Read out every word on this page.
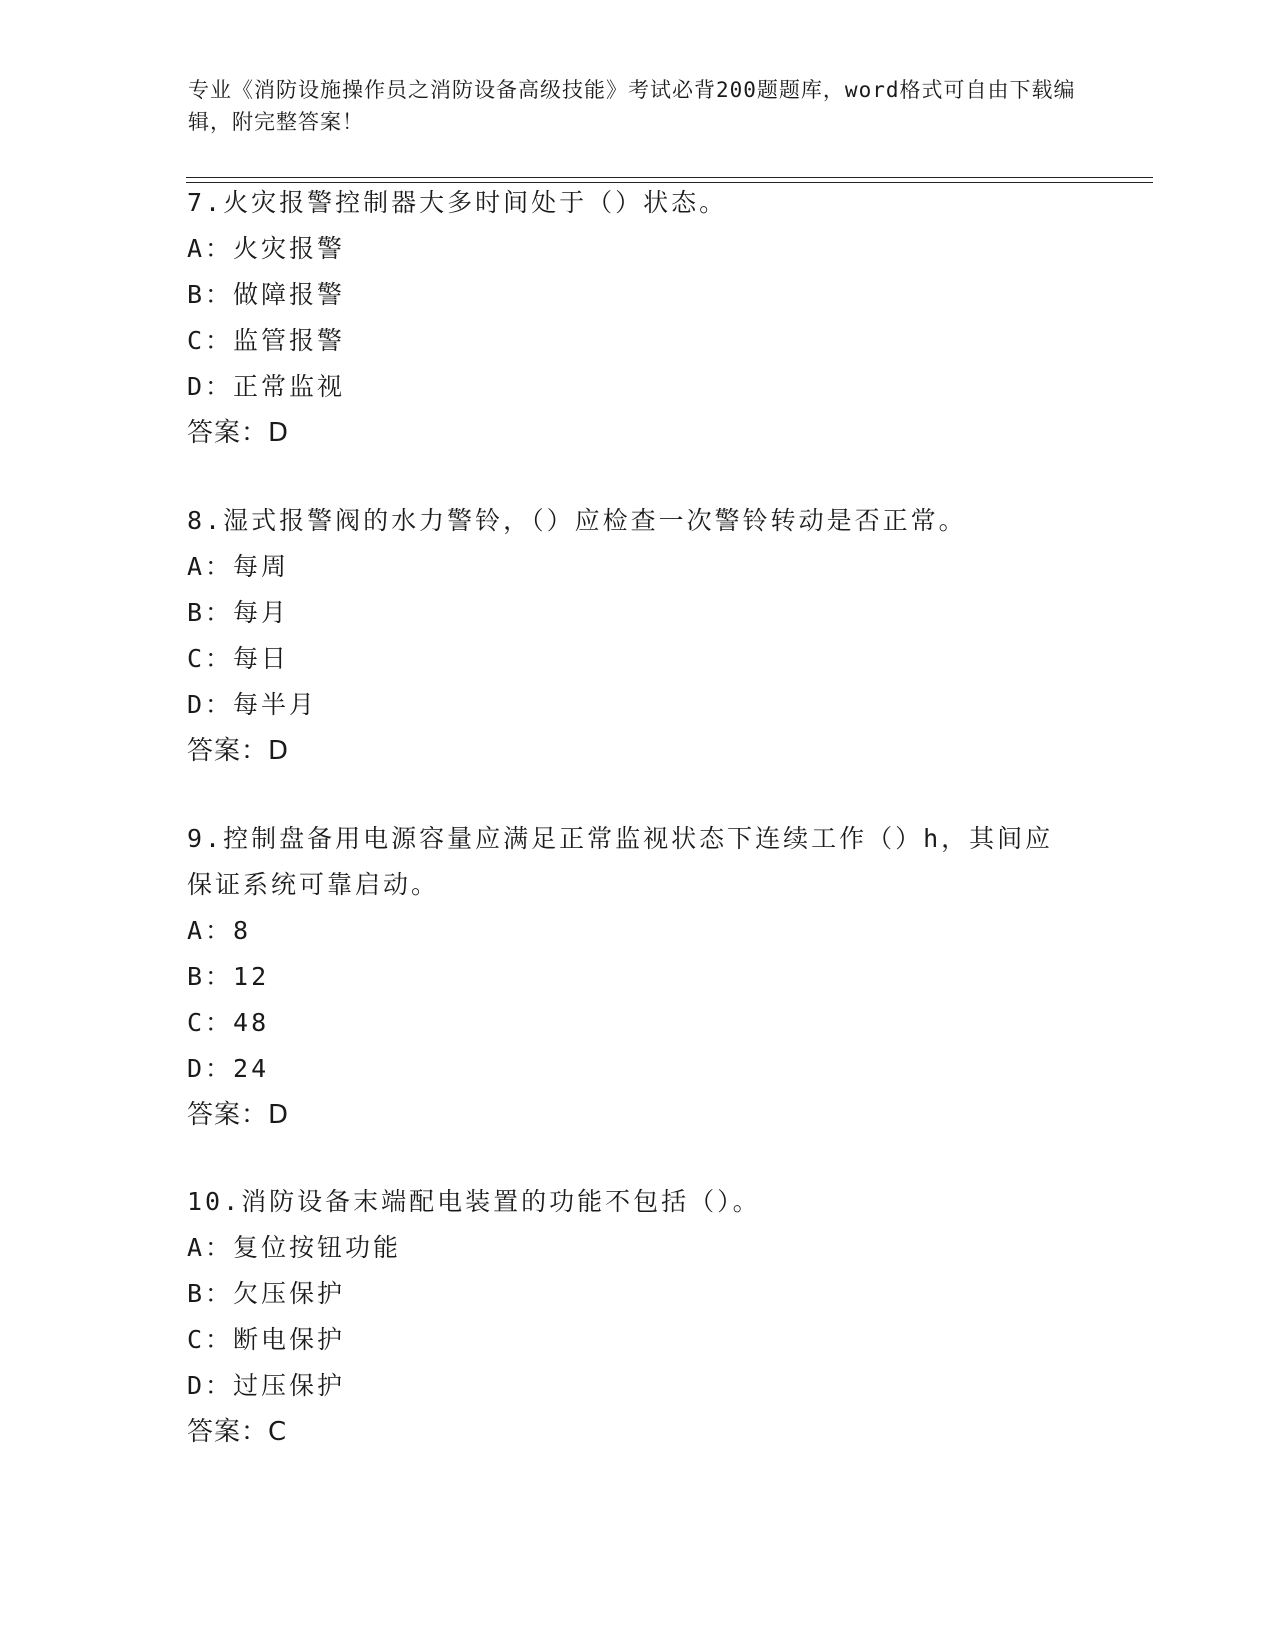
专业《消防设施操作员之消防设备高级技能》考试必背200题题库，word格式可自由下载编辑，附完整答案！
7.火灾报警控制器大多时间处于（）状态。
A：火灾报警
B：做障报警
C：监管报警
D：正常监视
答案：D
8.湿式报警阀的水力警铃，（）应检查一次警铃转动是否正常。
A：每周
B：每月
C：每日
D：每半月
答案：D
9.控制盘备用电源容量应满足正常监视状态下连续工作（）h，其间应保证系统可靠启动。
A：8
B：12
C：48
D：24
答案：D
10.消防设备末端配电装置的功能不包括（）。
A：复位按钮功能
B：欠压保护
C：断电保护
D：过压保护
答案：C
